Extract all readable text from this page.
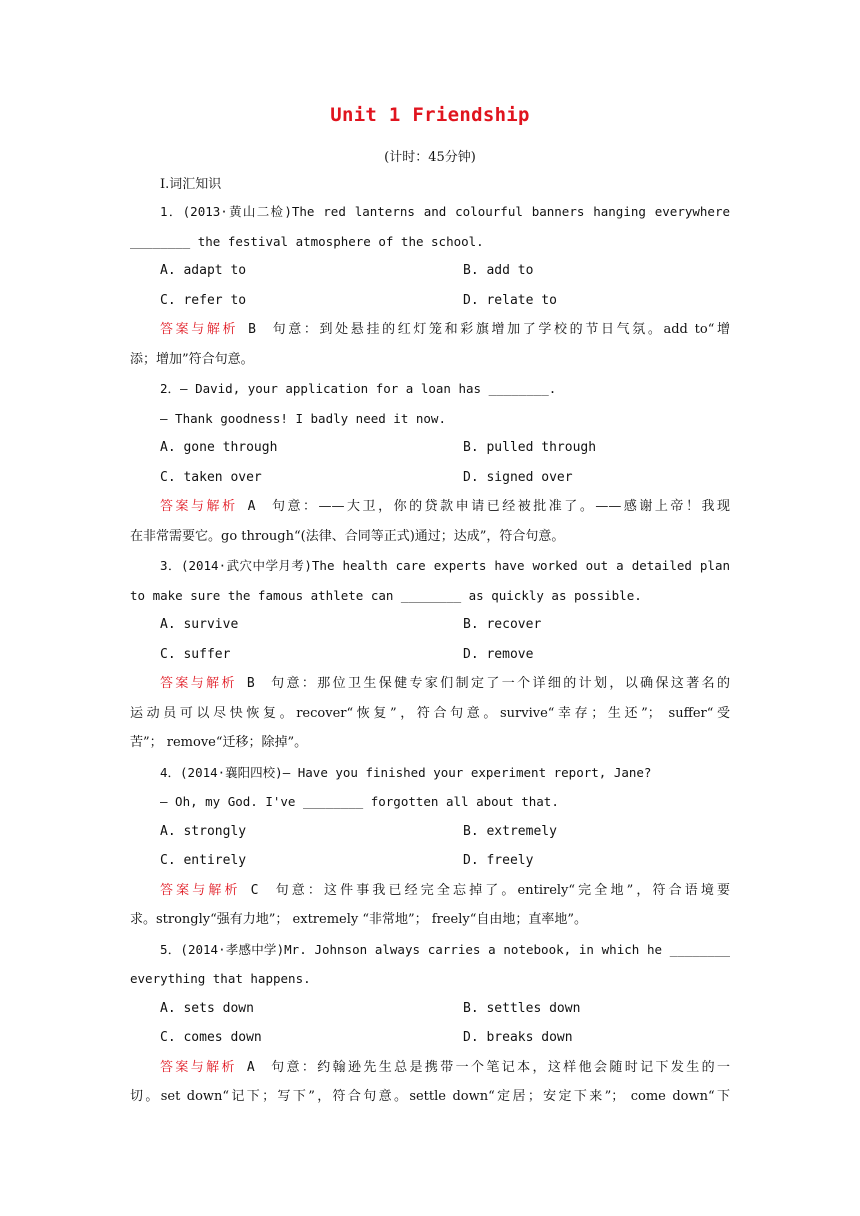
Unit 1 Friendship
(计时：45分钟)
Ⅰ.词汇知识
1．(2013·黄山二检)The red lanterns and colourful banners hanging everywhere
________ the festival atmosphere of the school.
A. adapt to	B. add to
C. refer to	D. relate to
答案与解析 B 句意：到处悬挂的红灯笼和彩旗增加了学校的节日气氛。add to“增
添；增加”符合句意。
2．— David, your application for a loan has ________.
— Thank goodness! I badly need it now.
A. gone through	B. pulled through
C. taken over	D. signed over
答案与解析 A 句意：——大卫，你的贷款申请已经被批准了。——感谢上帝！我现
在非常需要它。go through“(法律、合同等正式)通过；达成”，符合句意。
3．(2014·武穴中学月考)The health care experts have worked out a detailed plan
to make sure the famous athlete can ________ as quickly as possible.
A. survive	B. recover
C. suffer	D. remove
答案与解析 B 句意：那位卫生保健专家们制定了一个详细的计划，以确保这著名的
运动员可以尽快恢复。recover“恢复”，符合句意。survive“幸存；生还”； suffer“受
苦”； remove“迁移；除掉”。
4．(2014·襄阳四校)— Have you finished your experiment report, Jane?
— Oh, my God. I've ________ forgotten all about that.
A. strongly	B. extremely
C. entirely	D. freely
答案与解析 C 句意：这件事我已经完全忘掉了。entirely“完全地”，符合语境要
求。strongly“强有力地”； extremely “非常地”； freely“自由地；直率地”。
5．(2014·孝感中学)Mr. Johnson always carries a notebook, in which he ________
everything that happens.
A. sets down	B. settles down
C. comes down	D. breaks down
答案与解析 A 句意：约翰逊先生总是携带一个笔记本，这样他会随时记下发生的一
切。set down“记下；写下”，符合句意。settle down“定居；安定下来”； come down“下
